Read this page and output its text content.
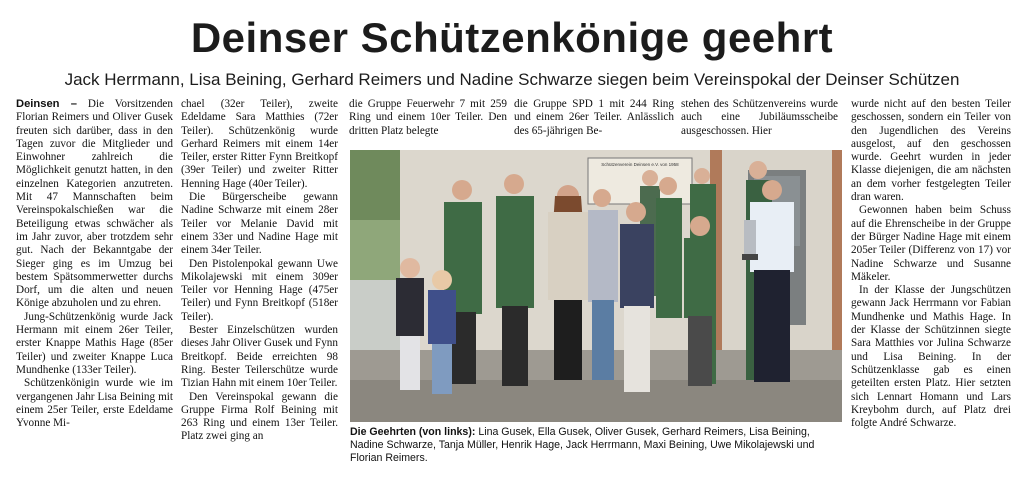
Deinser Schützenkönige geehrt
Jack Herrmann, Lisa Beining, Gerhard Reimers und Nadine Schwarze siegen beim Vereinspokal der Deinser Schützen

Deinsen – Die Vorsitzenden Florian Reimers und Oliver Gusek freuten sich darüber, dass in den Tagen zuvor die Mitglieder und Einwohner zahlreich die Möglichkeit genutzt hatten, in den einzelnen Kategorien anzutreten. Mit 47 Mannschaften beim Vereinspokalschießen war die Beteiligung etwas schwächer als im Jahr zuvor, aber trotzdem sehr gut. Nach der Bekanntgabe der Sieger ging es im Umzug bei bestem Spätsommerwetter durchs Dorf, um die alten und neuen Könige abzuholen und zu ehren.

Jung-Schützenkönig wurde Jack Hermann mit einem 26er Teiler, erster Knappe Mathis Hage (85er Teiler) und zweiter Knappe Luca Mundhenke (133er Teiler).

Schützenkönigin wurde wie im vergangenen Jahr Lisa Beining mit einem 25er Teiler, erste Edeldame Yvonne Mi-

chael (32er Teiler), zweite Edeldame Sara Matthies (72er Teiler). Schützenkönig wurde Gerhard Reimers mit einem 14er Teiler, erster Ritter Fynn Breitkopf (39er Teiler) und zweiter Ritter Henning Hage (40er Teiler).

Die Bürgerscheibe gewann Nadine Schwarze mit einem 28er Teiler vor Melanie David mit einem 33er und Nadine Hage mit einem 34er Teiler.

Den Pistolenpokal gewann Uwe Mikolajewski mit einem 309er Teiler vor Henning Hage (475er Teiler) und Fynn Breitkopf (518er Teiler).

Bester Einzelschützen wurden dieses Jahr Oliver Gusek und Fynn Breitkopf. Beide erreichten 98 Ring. Bester Teilerschütze wurde Tizian Hahn mit einem 10er Teiler.

Den Vereinspokal gewann die Gruppe Firma Rolf Beining mit 263 Ring und einem 13er Teiler. Platz zwei ging an

die Gruppe Feuerwehr 7 mit 259 Ring und einem 10er Teiler. Den dritten Platz belegte

die Gruppe SPD 1 mit 244 Ring und einem 26er Teiler. Anlässlich des 65-jährigen Be-

stehen des Schützenvereins wurde auch eine Jubiläumsscheibe ausgeschossen. Hier

wurde nicht auf den besten Teiler geschossen, sondern ein Teiler von den Jugendlichen des Vereins ausgelost, auf den geschossen wurde. Geehrt wurden in jeder Klasse diejenigen, die am nächsten an dem vorher festgelegten Teiler dran waren.

Gewonnen haben beim Schuss auf die Ehrenscheibe in der Gruppe der Bürger Nadine Hage mit einem 205er Teiler (Differenz von 17) vor Nadine Schwarze und Susanne Mäkeler.

In der Klasse der Jungschützen gewann Jack Herrmann vor Fabian Mundhenke und Mathis Hage. In der Klasse der Schützinnen siegte Sara Matthies vor Julina Schwarze und Lisa Beining. In der Schützenklasse gab es einen geteilten ersten Platz. Hier setzten sich Lennart Homann und Lars Kreybohm durch, auf Platz drei folgte André Schwarze.

Schützenverein Deinsen e.V. von 1958
Die Geehrten (von links): Lina Gusek, Ella Gusek, Oliver Gusek, Gerhard Reimers, Lisa Beining, Nadine Schwarze, Tanja Müller, Henrik Hage, Jack Herrmann, Maxi Beining, Uwe Mikolajewski und Florian Reimers.
